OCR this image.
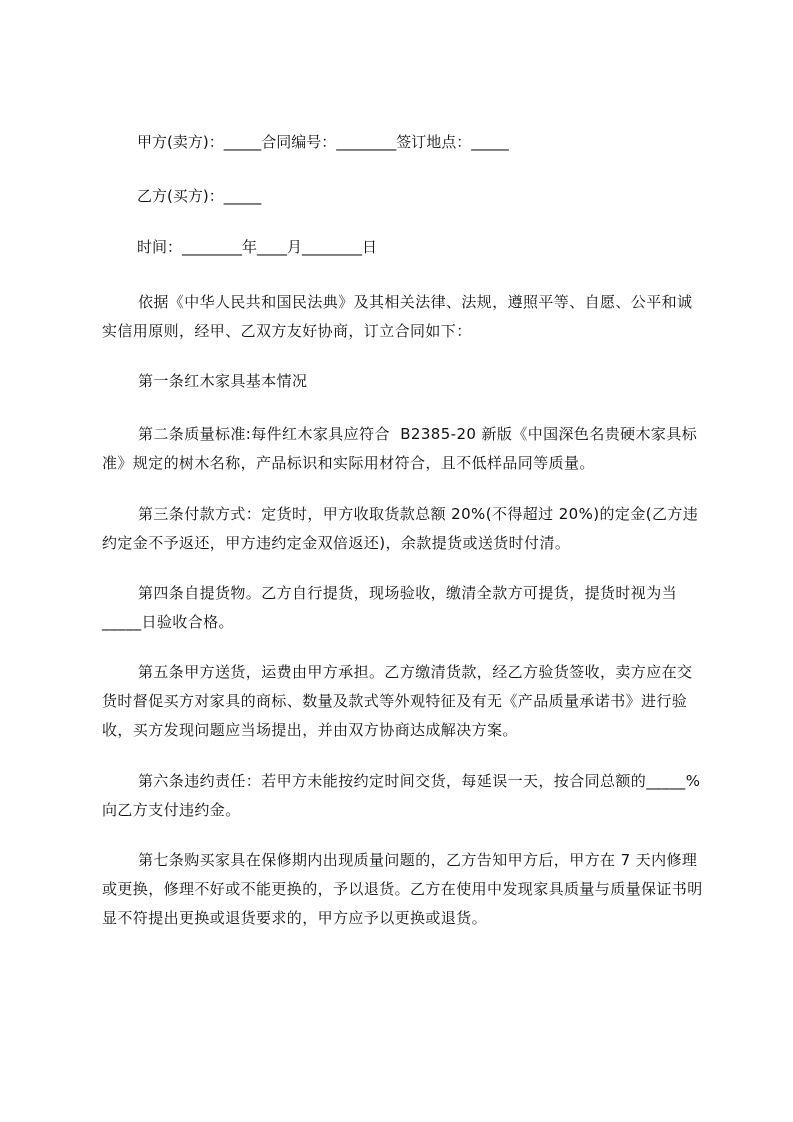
甲方(卖方)：_____合同编号：________签订地点：_____
乙方(买方)：_____
时间：________年____月________日
依据《中华人民共和国民法典》及其相关法律、法规，遵照平等、自愿、公平和诚实信用原则，经甲、乙双方友好协商，订立合同如下：
第一条红木家具基本情况
第二条质量标准:每件红木家具应符合  B2385-20 新版《中国深色名贵硬木家具标准》规定的树木名称，产品标识和实际用材符合，且不低样品同等质量。
第三条付款方式：定货时，甲方收取货款总额 20%(不得超过 20%)的定金(乙方违约定金不予返还，甲方违约定金双倍返还)，余款提货或送货时付清。
第四条自提货物。乙方自行提货，现场验收，缴清全款方可提货，提货时视为当_____日验收合格。
第五条甲方送货，运费由甲方承担。乙方缴清货款，经乙方验货签收，卖方应在交货时督促买方对家具的商标、数量及款式等外观特征及有无《产品质量承诺书》进行验收，买方发现问题应当场提出，并由双方协商达成解决方案。
第六条违约责任：若甲方未能按约定时间交货，每延误一天，按合同总额的_____%向乙方支付违约金。
第七条购买家具在保修期内出现质量问题的，乙方告知甲方后，甲方在 7 天内修理或更换，修理不好或不能更换的，予以退货。乙方在使用中发现家具质量与质量保证书明显不符提出更换或退货要求的，甲方应予以更换或退货。
